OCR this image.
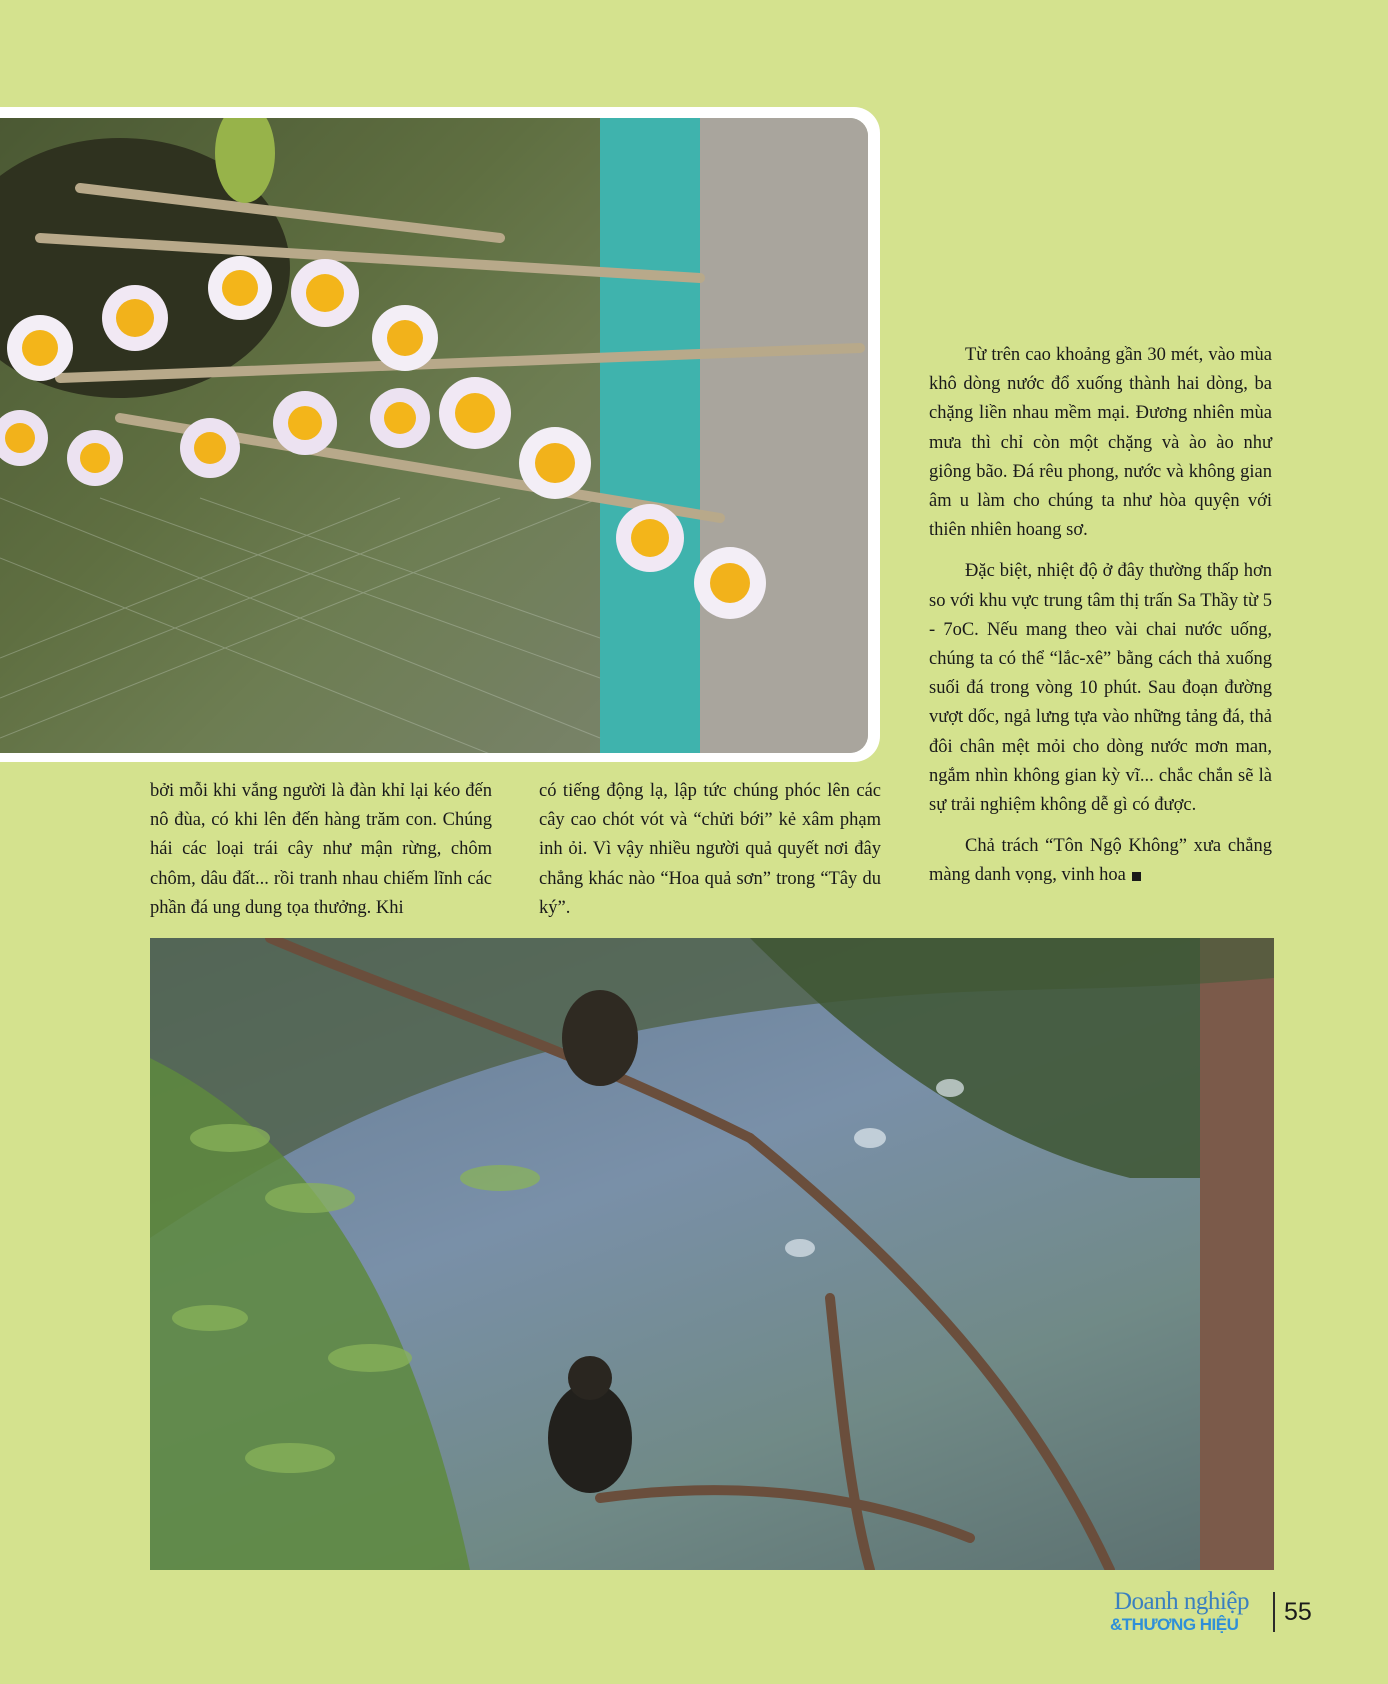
bởi mỗi khi vắng người là đàn khỉ lại kéo đến nô đùa, có khi lên đến hàng trăm con. Chúng hái các loại trái cây như mận rừng, chôm chôm, dâu đất... rồi tranh nhau chiếm lĩnh các phần đá ung dung tọa thưởng. Khi

có tiếng động lạ, lập tức chúng phóc lên các cây cao chót vót và “chửi bới” kẻ xâm phạm inh ỏi. Vì vậy nhiều người quả quyết nơi đây chẳng khác nào “Hoa quả sơn” trong “Tây du ký”.

Từ trên cao khoảng gần 30 mét, vào mùa khô dòng nước đổ xuống thành hai dòng, ba chặng liền nhau mềm mại. Đương nhiên mùa mưa thì chỉ còn một chặng và ào ào như giông bão. Đá rêu phong, nước và không gian âm u làm cho chúng ta như hòa quyện với thiên nhiên hoang sơ.

Đặc biệt, nhiệt độ ở đây thường thấp hơn so với khu vực trung tâm thị trấn Sa Thầy từ 5 - 7oC. Nếu mang theo vài chai nước uống, chúng ta có thể “lắc-xê” bằng cách thả xuống suối đá trong vòng 10 phút. Sau đoạn đường vượt dốc, ngả lưng tựa vào những tảng đá, thả đôi chân mệt mỏi cho dòng nước mơn man, ngắm nhìn không gian kỳ vĩ... chắc chắn sẽ là sự trải nghiệm không dễ gì có được.

Chả trách “Tôn Ngộ Không” xưa chẳng màng danh vọng, vinh hoa

Doanh nghiệp
&THƯƠNG HIỆU 55
